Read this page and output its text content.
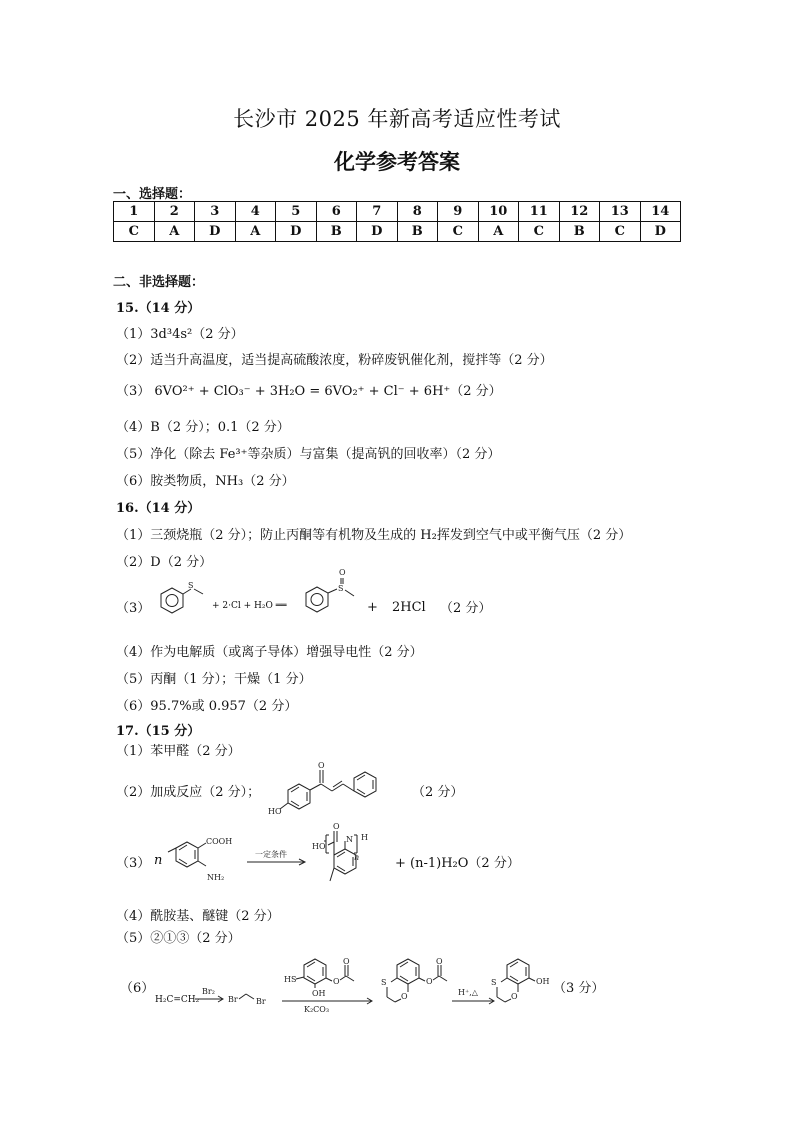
长沙市 2025 年新高考适应性考试
化学参考答案
一、选择题：
1	2	3	4	5	6	7	8	9	10	11	12	13	14
C	A	D	A	D	B	D	B	C	A	C	B	C	D
二、非选择题：
15.（14 分）
（1）3d³4s²（2 分）
（2）适当升高温度，适当提高硫酸浓度，粉碎废钒催化剂，搅拌等（2 分）
（3） 6VO²⁺ + ClO₃⁻ + 3H₂O = 6VO₂⁺ + Cl⁻ + 6H⁺（2 分）
（4）B（2 分）；0.1（2 分）
（5）净化（除去 Fe³⁺等杂质）与富集（提高钒的回收率）（2 分）
（6）胺类物质，NH₃（2 分）
16.（14 分）
（1）三颈烧瓶（2 分）；防止丙酮等有机物及生成的 H₂挥发到空气中或平衡气压（2 分）
（2）D（2 分）
（3）
S
+ 2·Cl + H₂O ══
S
O
+ 2HCl （2 分）
（4）作为电解质（或离子导体）增强导电性（2 分）
（5）丙酮（1 分）；干燥（1 分）
（6）95.7%或 0.957（2 分）
17.（15 分）
（1）苯甲醛（2 分）
（2）加成反应（2 分）；
HO
O
（2 分）
（3） n
COOH
NH₂
一定条件
HO
O
N
n
H
+ (n-1)H₂O（2 分）
（4）酰胺基、醚键（2 分）
（5）②①③（2 分）
（6）
H₂C=CH₂
Br₂
Br Br
HS
OH
O
O
K₂CO₃
S
O
O
O
H⁺,△
S
O
OH （3 分）
